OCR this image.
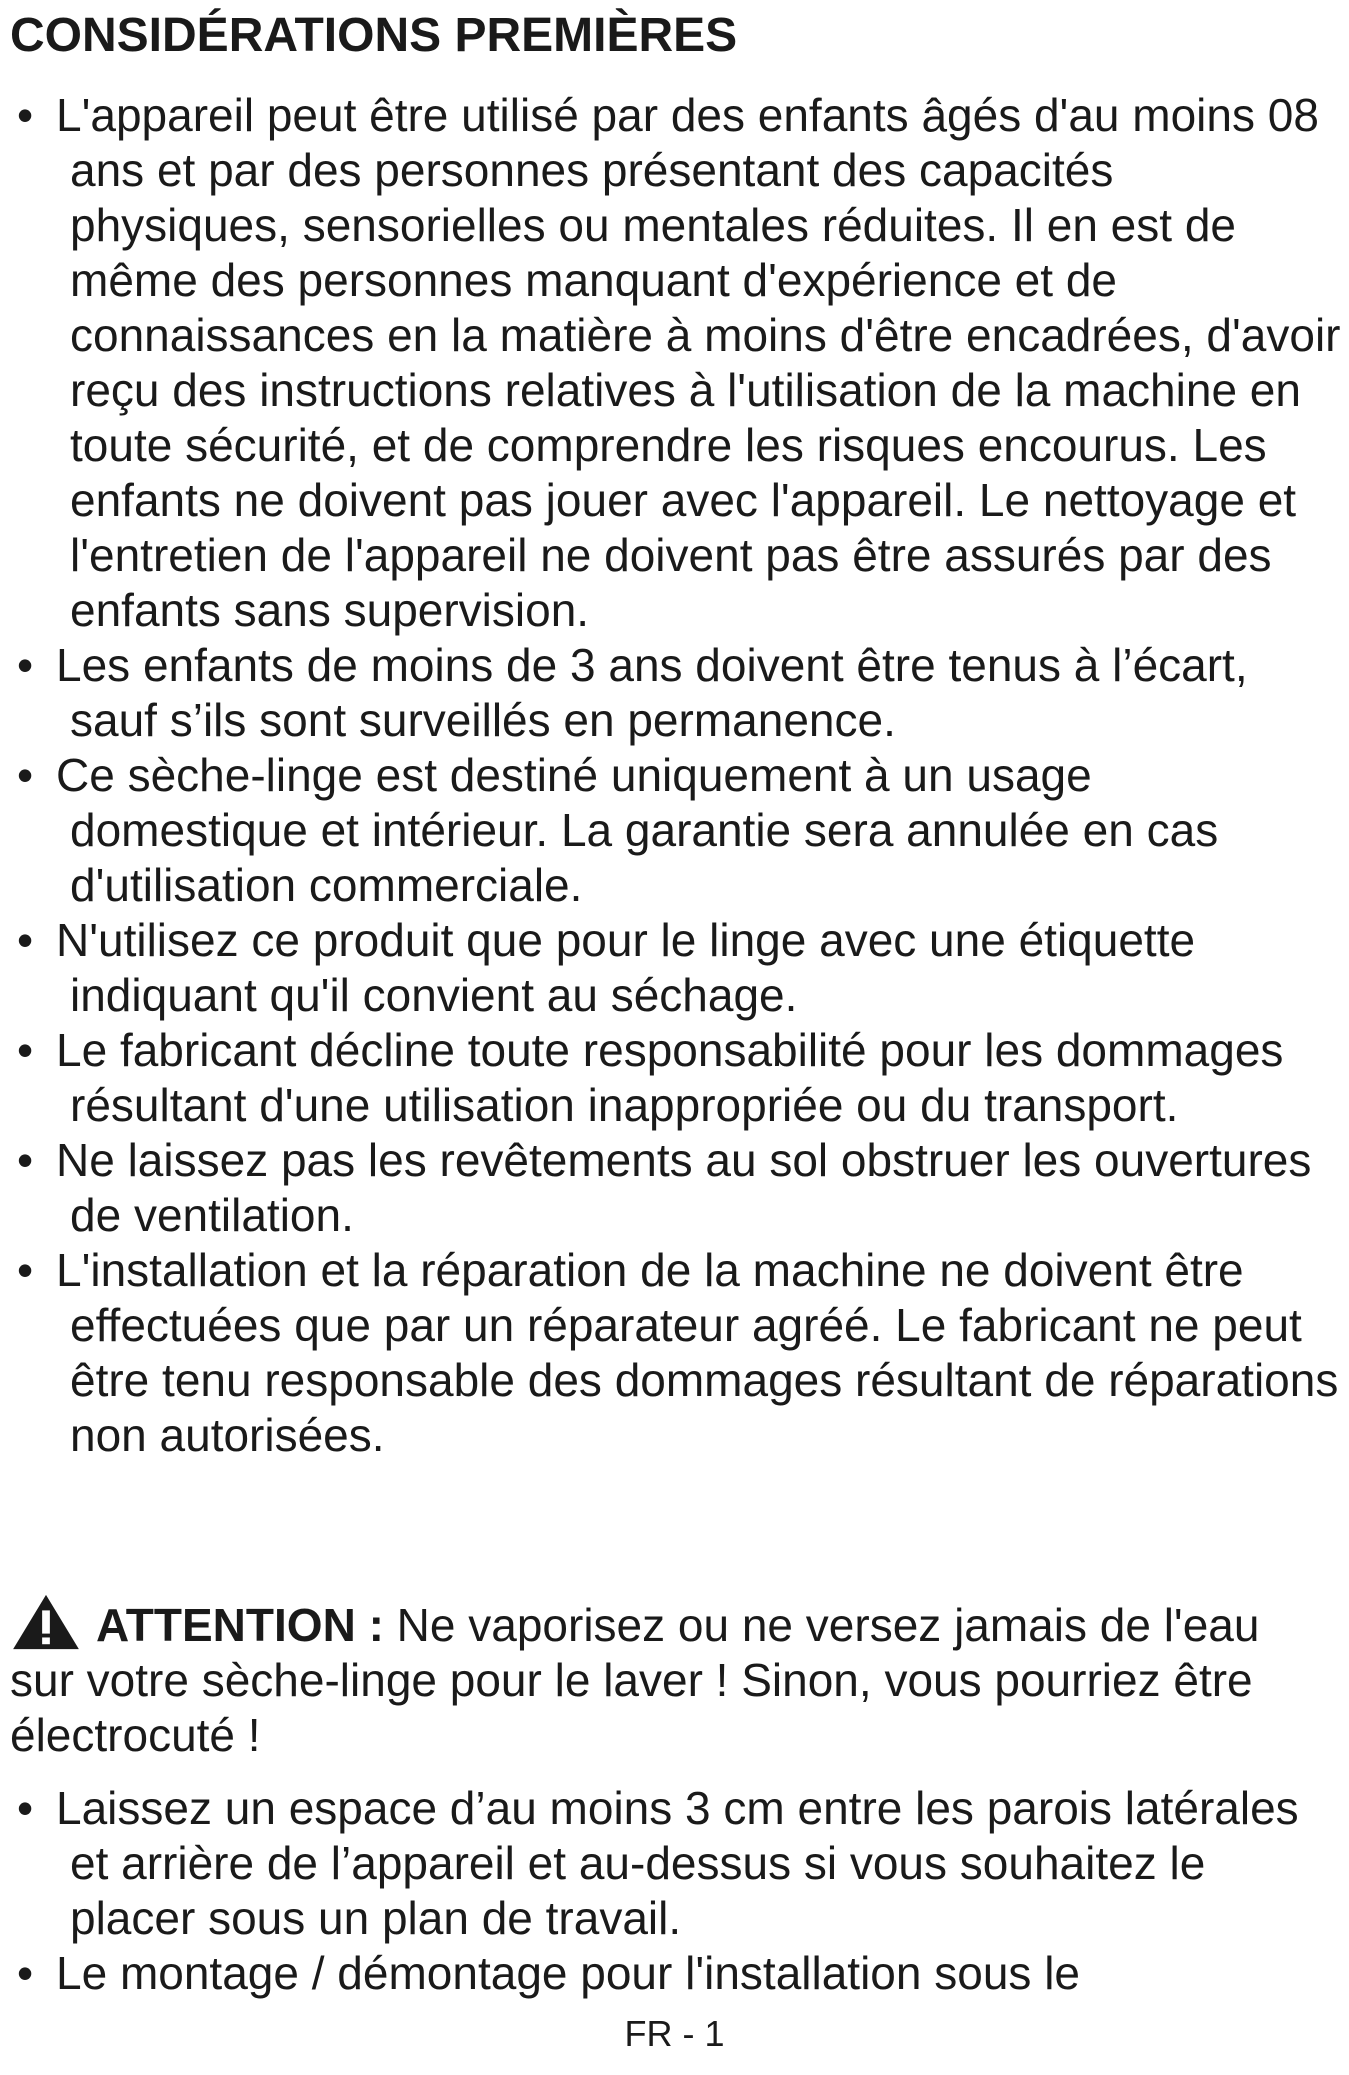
CONSIDÉRATIONS PREMIÈRES
• L'appareil peut être utilisé par des enfants âgés d'au moins 08 ans et par des personnes présentant des capacités physiques, sensorielles ou mentales réduites. Il en est de même des personnes manquant d'expérience et de connaissances en la matière à moins d'être encadrées, d'avoir reçu des instructions relatives à l'utilisation de la machine en toute sécurité, et de comprendre les risques encourus. Les enfants ne doivent pas jouer avec l'appareil. Le nettoyage et l'entretien de l'appareil ne doivent pas être assurés par des enfants sans supervision.
• Les enfants de moins de 3 ans doivent être tenus à l’écart, sauf s’ils sont surveillés en permanence.
• Ce sèche-linge est destiné uniquement à un usage domestique et intérieur. La garantie sera annulée en cas d'utilisation commerciale.
• N'utilisez ce produit que pour le linge avec une étiquette indiquant qu'il convient au séchage.
• Le fabricant décline toute responsabilité pour les dommages résultant d'une utilisation inappropriée ou du transport.
• Ne laissez pas les revêtements au sol obstruer les ouvertures de ventilation.
• L'installation et la réparation de la machine ne doivent être effectuées que par un réparateur agréé. Le fabricant ne peut être tenu responsable des dommages résultant de réparations non autorisées.

ATTENTION : Ne vaporisez ou ne versez jamais de l'eau sur votre sèche-linge pour le laver ! Sinon, vous pourriez être électrocuté !

• Laissez un espace d’au moins 3 cm entre les parois latérales et arrière de l’appareil et au-dessus si vous souhaitez le placer sous un plan de travail.
• Le montage / démontage pour l'installation sous le
FR - 1
